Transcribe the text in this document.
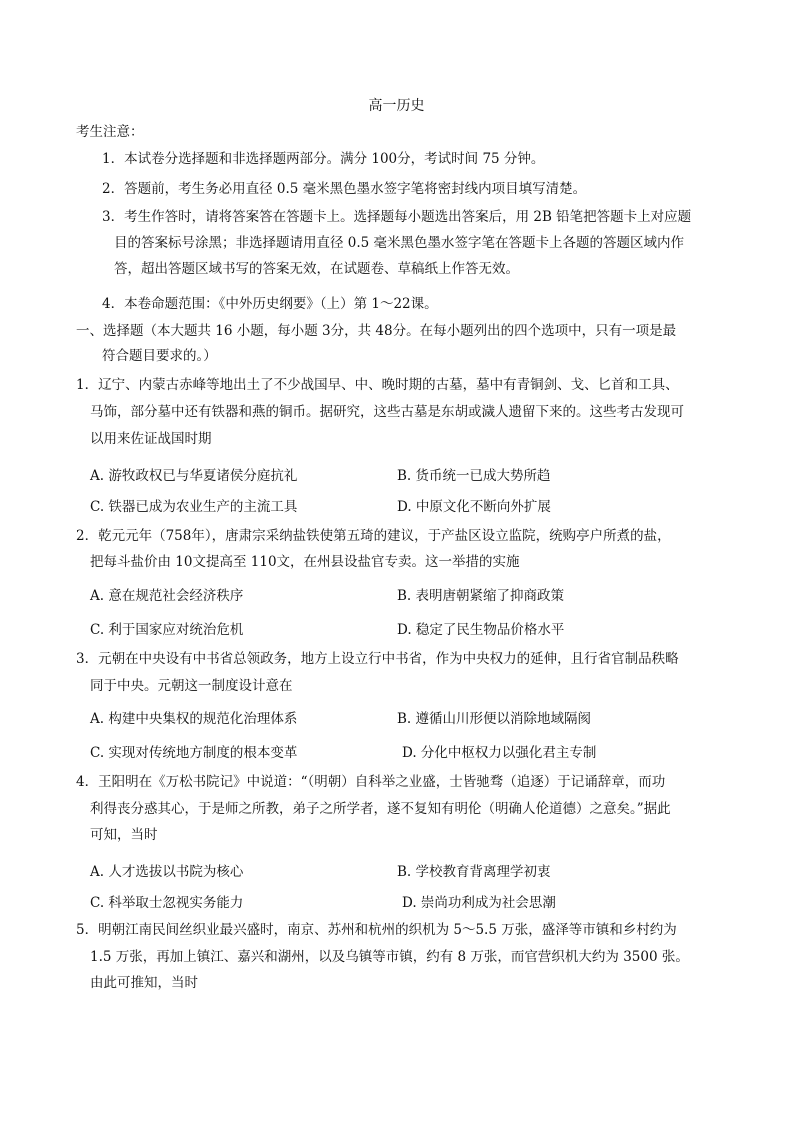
高一历史
考生注意：
1．本试卷分选择题和非选择题两部分。满分 100分，考试时间 75 分钟。
2．答题前，考生务必用直径 0.5 毫米黑色墨水签字笔将密封线内项目填写清楚。
3．考生作答时，请将答案答在答题卡上。选择题每小题选出答案后，用 2B 铅笔把答题卡上对应题
目的答案标号涂黑；非选择题请用直径 0.5 毫米黑色墨水签字笔在答题卡上各题的答题区域内作
答，超出答题区域书写的答案无效，在试题卷、草稿纸上作答无效。
4．本卷命题范围：《中外历史纲要》（上）第 1～22课。
一、选择题（本大题共 16 小题，每小题 3分，共 48分。在每小题列出的四个选项中，只有一项是最
符合题目要求的。）
1．辽宁、内蒙古赤峰等地出土了不少战国早、中、晚时期的古墓，墓中有青铜剑、戈、匕首和工具、
马饰，部分墓中还有铁器和燕的铜币。据研究，这些古墓是东胡或濊人遗留下来的。这些考古发现可
以用来佐证战国时期
A. 游牧政权已与华夏诸侯分庭抗礼	B. 货币统一已成大势所趋
C. 铁器已成为农业生产的主流工具	D. 中原文化不断向外扩展
2．乾元元年（758年），唐肃宗采纳盐铁使第五琦的建议，于产盐区设立监院，统购亭户所煮的盐，
把每斗盐价由 10文提高至 110文，在州县设盐官专卖。这一举措的实施
A. 意在规范社会经济秩序	B. 表明唐朝紧缩了抑商政策
C. 利于国家应对统治危机	D. 稳定了民生物品价格水平
3．元朝在中央设有中书省总领政务，地方上设立行中书省，作为中央权力的延伸，且行省官制品秩略
同于中央。元朝这一制度设计意在
A. 构建中央集权的规范化治理体系	B. 遵循山川形便以消除地域隔阂
C. 实现对传统地方制度的根本变革	D. 分化中枢权力以强化君主专制
4．王阳明在《万松书院记》中说道：“（明朝）自科举之业盛，士皆驰骛（追逐）于记诵辞章，而功
利得丧分惑其心，于是师之所教，弟子之所学者，遂不复知有明伦（明确人伦道德）之意矣。”据此
可知，当时
A. 人才选拔以书院为核心	B. 学校教育背离理学初衷
C. 科举取士忽视实务能力	D. 崇尚功利成为社会思潮
5．明朝江南民间丝织业最兴盛时，南京、苏州和杭州的织机为 5～5.5 万张，盛泽等市镇和乡村约为
1.5 万张，再加上镇江、嘉兴和湖州，以及乌镇等市镇，约有 8 万张，而官营织机大约为 3500 张。
由此可推知，当时
